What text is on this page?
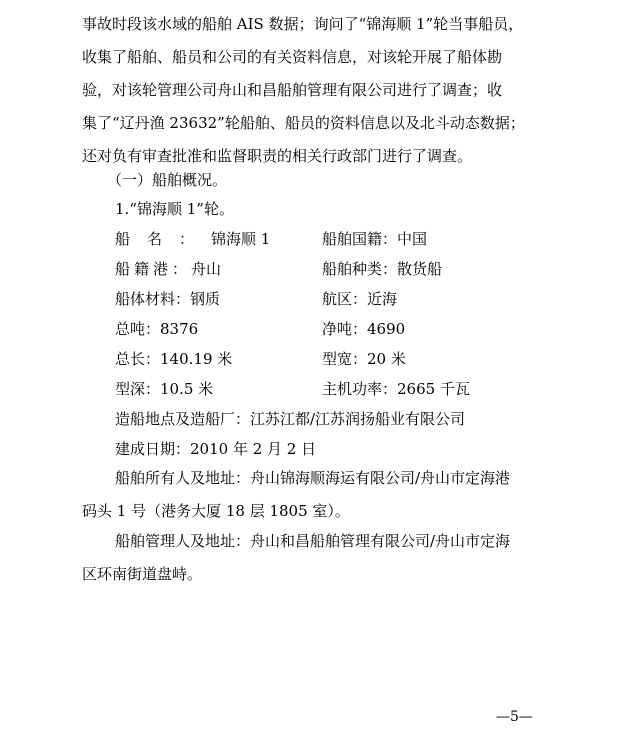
事故时段该水域的船舶 AIS 数据；询问了“锦海顺 1”轮当事船员，
收集了船舶、船员和公司的有关资料信息，对该轮开展了船体勘
验，对该轮管理公司舟山和昌船舶管理有限公司进行了调查；收
集了“辽丹渔 23632”轮船舶、船员的资料信息以及北斗动态数据；
还对负有审查批准和监督职责的相关行政部门进行了调查。
（一）船舶概况。
1.“锦海顺 1”轮。
船名：锦海顺 1	船舶国籍：中国
船籍港：舟山	船舶种类：散货船
船体材料：钢质	航区：近海
总吨：8376	净吨：4690
总长：140.19 米	型宽：20 米
型深：10.5 米	主机功率：2665 千瓦
造船地点及造船厂：江苏江都/江苏润扬船业有限公司
建成日期：2010 年 2 月 2 日
船舶所有人及地址：舟山锦海顺海运有限公司/舟山市定海港
码头 1 号（港务大厦 18 层 1805 室）。
船舶管理人及地址：舟山和昌船舶管理有限公司/舟山市定海
区环南街道盘峙。
—5—
